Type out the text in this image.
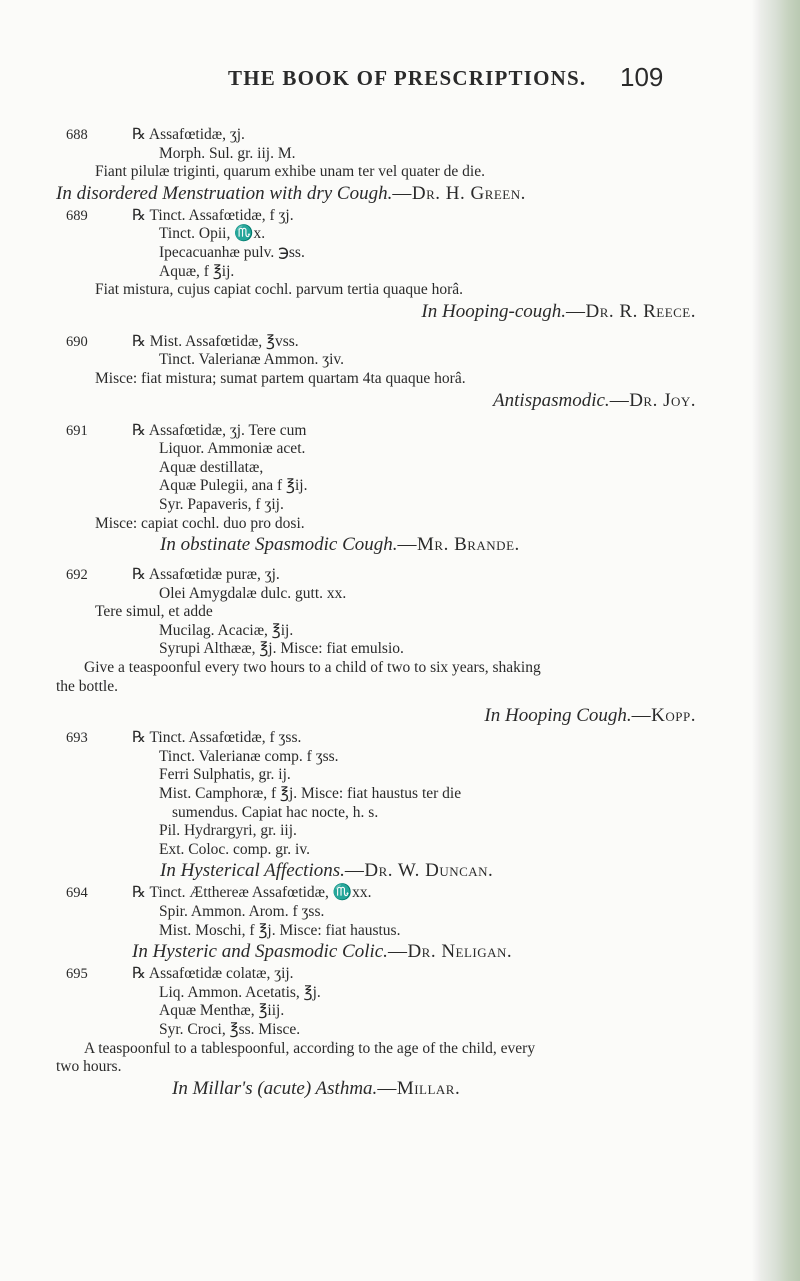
THE BOOK OF PRESCRIPTIONS. 109
688	℞ Assafœtidæ, ʒj.
Morph. Sul. gr. iij. M.
Fiant pilulæ triginti, quarum exhibe unam ter vel quater de die.
In disordered Menstruation with dry Cough.—Dr. H. Green.
689	℞ Tinct. Assafœtidæ, f ʒj.
Tinct. Opii, ♏x.
Ipecacuanhæ pulv. ℈ss.
Aquæ, f ℥ij.
Fiat mistura, cujus capiat cochl. parvum tertia quaque horâ.
In Hooping-cough.—Dr. R. Reece.
690	℞ Mist. Assafœtidæ, ℥vss.
Tinct. Valerianæ Ammon. ʒiv.
Misce: fiat mistura; sumat partem quartam 4ta quaque horâ.
Antispasmodic.—Dr. Joy.
691	℞ Assafœtidæ, ʒj. Tere cum
Liquor. Ammoniæ acet.
Aquæ destillatæ,
Aquæ Pulegii, ana f ℥ij.
Syr. Papaveris, f ʒij.
Misce: capiat cochl. duo pro dosi.
In obstinate Spasmodic Cough.—Mr. Brande.
692	℞ Assafœtidæ puræ, ʒj.
Olei Amygdalæ dulc. gutt. xx.
Tere simul, et adde
Mucilag. Acaciæ, ℥ij.
Syrupi Althææ, ℥j. Misce: fiat emulsio.
Give a teaspoonful every two hours to a child of two to six years, shaking
the bottle.
In Hooping Cough.—Kopp.
693	℞ Tinct. Assafœtidæ, f ʒss.
Tinct. Valerianæ comp. f ʒss.
Ferri Sulphatis, gr. ij.
Mist. Camphoræ, f ℥j. Misce: fiat haustus ter die
sumendus. Capiat hac nocte, h. s.
Pil. Hydrargyri, gr. iij.
Ext. Coloc. comp. gr. iv.
In Hysterical Affections.—Dr. W. Duncan.
694	℞ Tinct. Ætthereæ Assafœtidæ, ♏xx.
Spir. Ammon. Arom. f ʒss.
Mist. Moschi, f ℥j. Misce: fiat haustus.
In Hysteric and Spasmodic Colic.—Dr. Neligan.
695	℞ Assafœtidæ colatæ, ʒij.
Liq. Ammon. Acetatis, ℥j.
Aquæ Menthæ, ℥iij.
Syr. Croci, ℥ss. Misce.
A teaspoonful to a tablespoonful, according to the age of the child, every
two hours.
In Millar's (acute) Asthma.—Millar.
